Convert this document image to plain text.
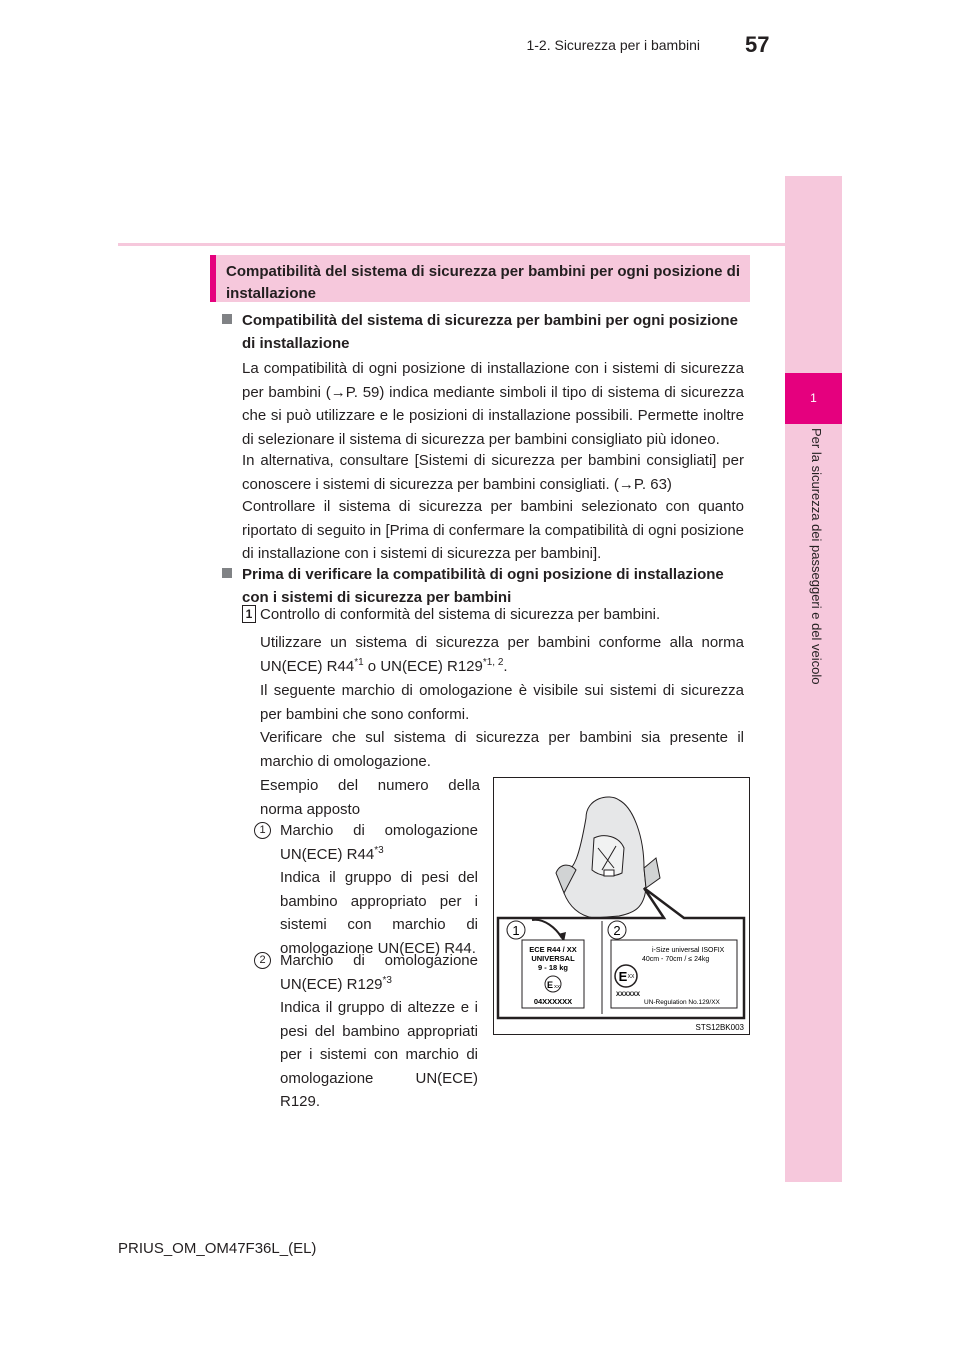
1-2. Sicurezza per i bambini 57
1
Per la sicurezza dei passeggeri e del veicolo
Compatibilità del sistema di sicurezza per bambini per ogni posizione di installazione
Compatibilità del sistema di sicurezza per bambini per ogni posizione
di installazione
La compatibilità di ogni posizione di installazione con i sistemi di sicurezza per bambini (→P. 59) indica mediante simboli il tipo di sistema di sicurezza che si può utilizzare e le posizioni di installazione possibili. Permette inoltre di selezionare il sistema di sicurezza per bambini consigliato più idoneo.
In alternativa, consultare [Sistemi di sicurezza per bambini consigliati] per conoscere i sistemi di sicurezza per bambini consigliati. (→P. 63)
Controllare il sistema di sicurezza per bambini selezionato con quanto riportato di seguito in [Prima di confermare la compatibilità di ogni posizione di installazione con i sistemi di sicurezza per bambini].
Prima di verificare la compatibilità di ogni posizione di installazione
con i sistemi di sicurezza per bambini
1 Controllo di conformità del sistema di sicurezza per bambini.
Utilizzare un sistema di sicurezza per bambini conforme alla norma UN(ECE) R44$^{*1}$ o UN(ECE) R129$^{*1, 2}$.
Il seguente marchio di omologazione è visibile sui sistemi di sicurezza per bambini che sono conformi.
Verificare che sul sistema di sicurezza per bambini sia presente il marchio di omologazione.
Esempio del numero della norma apposto
1 Marchio di omologazione UN(ECE) R44$^{*3}$
Indica il gruppo di pesi del bambino appropriato per i sistemi con marchio di omologazione UN(ECE) R44.
2 Marchio di omologazione UN(ECE) R129$^{*3}$
Indica il gruppo di altezze e i pesi del bambino appropriati per i sistemi con marchio di omologazione UN(ECE) R129.
1	2
ECE R44 / XX
UNIVERSAL
9 - 18 kg
E XX
04XXXXXX
i-Size universal ISOFIX
40cm - 70cm / ≤ 24kg
E XX
XXXXXX
UN-Regulation No.129/XX
STS12BK003
PRIUS_OM_OM47F36L_(EL)
